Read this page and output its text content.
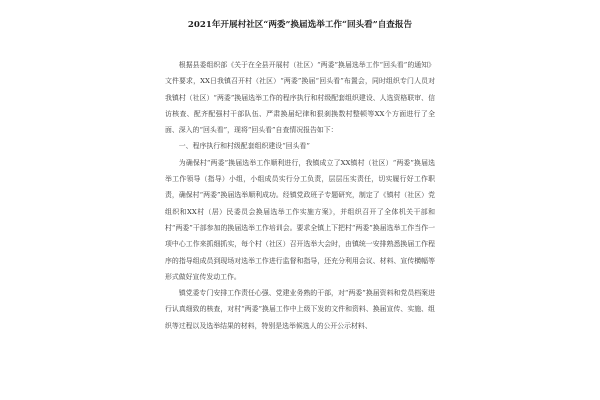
2021年开展村社区“两委”换届选举工作“回头看”自查报告

根据县委组织部《关于在全县开展村（社区）“两委”换届选举工作“回头看”的通知》文件要求，XX日我镇召开村（社区）“两委”换届“回头看”布置会，同时组织专门人员对我镇村（社区）“两委”换届选举工作的程序执行和村级配套组织建设、人选资格联审、信访核查、配齐配强村干部队伍、严肃换届纪律和狠刹换数村整顿等XX个方面进行了全面、深入的“回头看”，现将“回头看”自查情况报告如下：

一、程序执行和村级配套组织建设“回头看”

为确保村“两委”换届选举工作顺利进行，我镇成立了XX镇村（社区）“两委”换届选举工作领导（指导）小组，小组成员实行分工负责，层层压实责任，切实履行好工作职责，确保村“两委”换届选举顺利成功。经镇党政班子专题研究，制定了《镇村（社区）党组织和XX村（居）民委员会换届选举工作实施方案》，并组织召开了全体机关干部和村“两委”干部参加的换届选举工作培训会。要求全镇上下把村“两委”换届选举工作当作一项中心工作来抓细抓实，每个村（社区）召开选举大会时，由镇统一安排熟悉换届工作程序的指导组成员到现场对选举工作进行监督和指导，还充分利用会议、材料、宣传横幅等形式做好宣传发动工作。

镇党委专门安排工作责任心强、党建业务熟的干部，对“两委”换届资料和党员档案进行认真细致的核查，对村“两委”换届工作中上级下发的文件和资料、换届宣传、实施、组织等过程以及选举结果的材料，特别是选举候选人的公开公示材料、
